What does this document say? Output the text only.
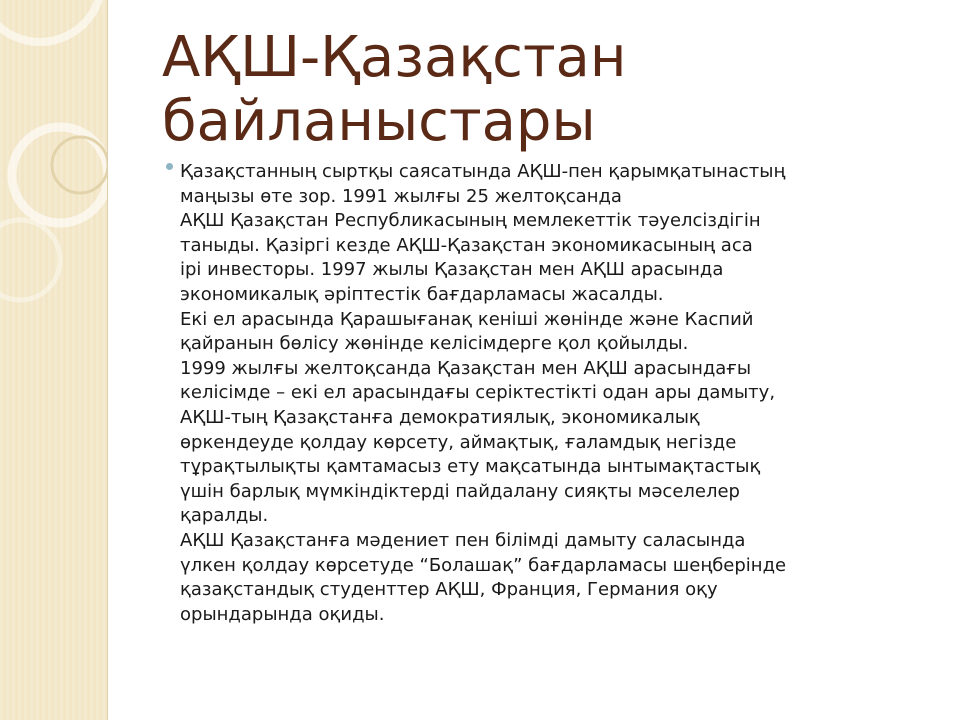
АҚШ-Қазақстан
байланыстары
Қазақстанның сыртқы саясатында АҚШ-пен қарымқатынастың
маңызы өте зор. 1991 жылғы 25 желтоқсанда
АҚШ Қазақстан Республикасының мемлекеттік тәуелсіздігін
таныды. Қазіргі кезде АҚШ-Қазақстан экономикасының аса
ірі инвесторы. 1997 жылы Қазақстан мен АҚШ арасында
экономикалық әріптестік бағдарламасы жасалды.
Екі ел арасында Қарашығанақ кеніші жөнінде және Каспий
қайранын бөлісу жөнінде келісімдерге қол қойылды.
1999 жылғы желтоқсанда Қазақстан мен АҚШ арасындағы
келісімде – екі ел арасындағы серіктестікті одан ары дамыту,
АҚШ-тың Қазақстанға демократиялық, экономикалық
өркендеуде қолдау көрсету, аймақтық, ғаламдық негізде
тұрақтылықты қамтамасыз ету мақсатында ынтымақтастық
үшін барлық мүмкіндіктерді пайдалану сияқты мәселелер
қаралды.
АҚШ Қазақстанға мәдениет пен білімді дамыту саласында
үлкен қолдау көрсетуде “Болашақ” бағдарламасы шеңберінде
қазақстандық студенттер АҚШ, Франция, Германия оқу
орындарында оқиды.
